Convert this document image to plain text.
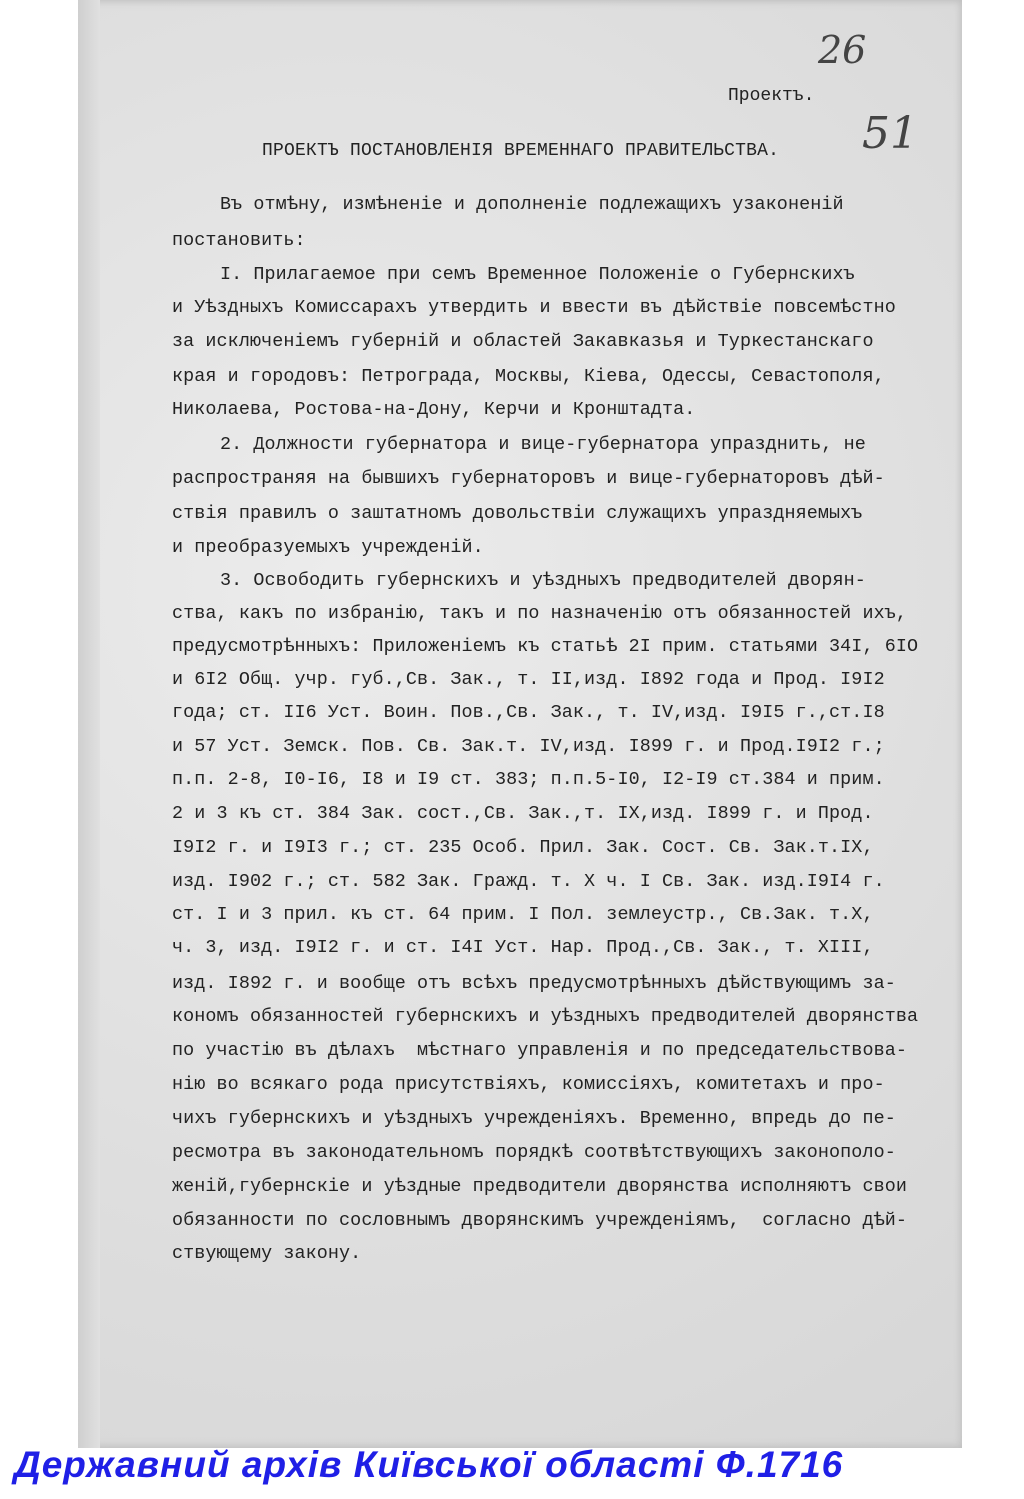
26
51
Проектъ.
ПРОЕКТЪ ПОСТАНОВЛЕНІЯ ВРЕМЕННАГО ПРАВИТЕЛЬСТВА.
Въ отмѣну, измѣненіе и дополненіе подлежащихъ узаконеній
постановить:
I. Прилагаемое при семъ Временное Положеніе о Губернскихъ
и Уѣздныхъ Комиссарахъ утвердить и ввести въ дѣйствіе повсемѣстно
за исключеніемъ губерній и областей Закавказья и Туркестанскаго
края и городовъ: Петрограда, Москвы, Кіева, Одессы, Севастополя,
Николаева, Ростова-на-Дону, Керчи и Кронштадта.
2. Должности губернатора и вице-губернатора упразднить, не
распространяя на бывшихъ губернаторовъ и вице-губернаторовъ дѣй-
ствія правилъ о заштатномъ довольствіи служащихъ упраздняемыхъ
и преобразуемыхъ учрежденій.
3. Освободить губернскихъ и уѣздныхъ предводителей дворян-
ства, какъ по избранію, такъ и по назначенію отъ обязанностей ихъ,
предусмотрѣнныхъ: Приложеніемъ къ статьѣ 2I прим. статьями 34I, 6IО
и 6I2 Общ. учр. губ.,Св. Зак., т. II,изд. I892 года и Прод. I9I2
года; ст. II6 Уст. Воин. Пов.,Св. Зак., т. IV,изд. I9I5 г.,ст.I8
и 57 Уст. Земск. Пов. Св. Зак.т. IV,изд. I899 г. и Прод.I9I2 г.;
п.п. 2-8, I0-I6, I8 и I9 ст. 383; п.п.5-I0, I2-I9 ст.384 и прим.
2 и 3 къ ст. 384 Зак. сост.,Св. Зак.,т. IX,изд. I899 г. и Прод.
I9I2 г. и I9I3 г.; ст. 235 Особ. Прил. Зак. Сост. Св. Зак.т.IX,
изд. I902 г.; ст. 582 Зак. Гражд. т. X ч. I Св. Зак. изд.I9I4 г.
ст. I и 3 прил. къ ст. 64 прим. I Пол. землеустр., Св.Зак. т.X,
ч. 3, изд. I9I2 г. и ст. I4I Уст. Нар. Прод.,Св. Зак., т. XIII,
изд. I892 г. и вообще отъ всѣхъ предусмотрѣнныхъ дѣйствующимъ за-
кономъ обязанностей губернскихъ и уѣздныхъ предводителей дворянства
по участію въ дѣлахъ  мѣстнаго управленія и по председательствова-
нію во всякаго рода присутствіяхъ, комиссіяхъ, комитетахъ и про-
чихъ губернскихъ и уѣздныхъ учрежденіяхъ. Временно, впредь до пе-
ресмотра въ законодательномъ порядкѣ соотвѣтствующихъ законополо-
женій,губернскіе и уѣздные предводители дворянства исполняютъ свои
обязанности по сословнымъ дворянскимъ учрежденіямъ,  согласно дѣй-
ствующему закону.
Державний архів Київської області Ф.1716
